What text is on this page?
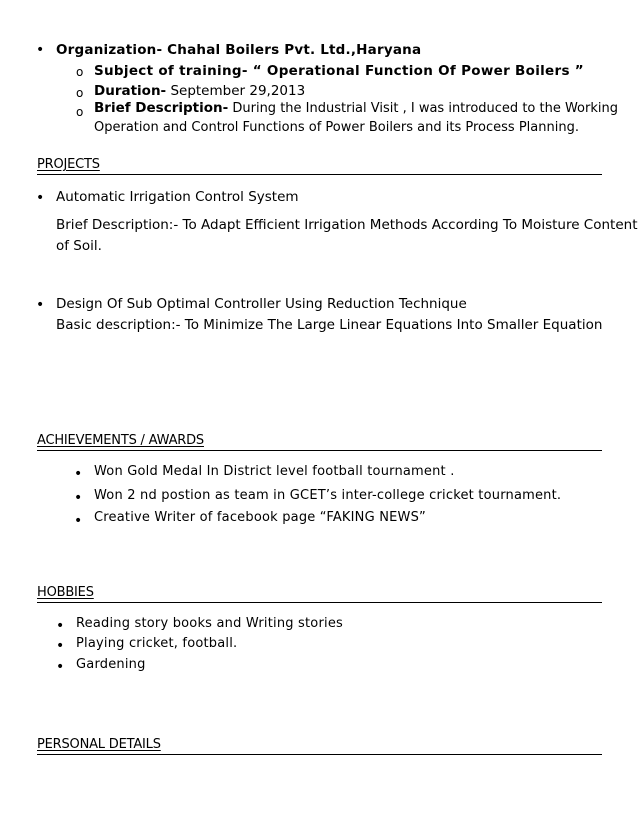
• Organization- Chahal Boilers Pvt. Ltd.,Haryana
o Subject of training- “ Operational Function Of Power Boilers ”
o Duration- September 29,2013
o Brief Description- During the Industrial Visit , I was introduced to the Working
Operation and Control Functions of Power Boilers and its Process Planning.
PROJECTS
• Automatic Irrigation Control System
Brief Description:- To Adapt Efficient Irrigation Methods According To Moisture Content
of Soil.
• Design Of Sub Optimal Controller Using Reduction Technique
Basic description:- To Minimize The Large Linear Equations Into Smaller Equation
ACHIEVEMENTS / AWARDS
• Won Gold Medal In District level football tournament .
• Won 2 nd postion as team in GCET’s inter-college cricket tournament.
• Creative Writer of facebook page “FAKING NEWS”
HOBBIES
• Reading story books and Writing stories
• Playing cricket, football.
• Gardening
PERSONAL DETAILS
